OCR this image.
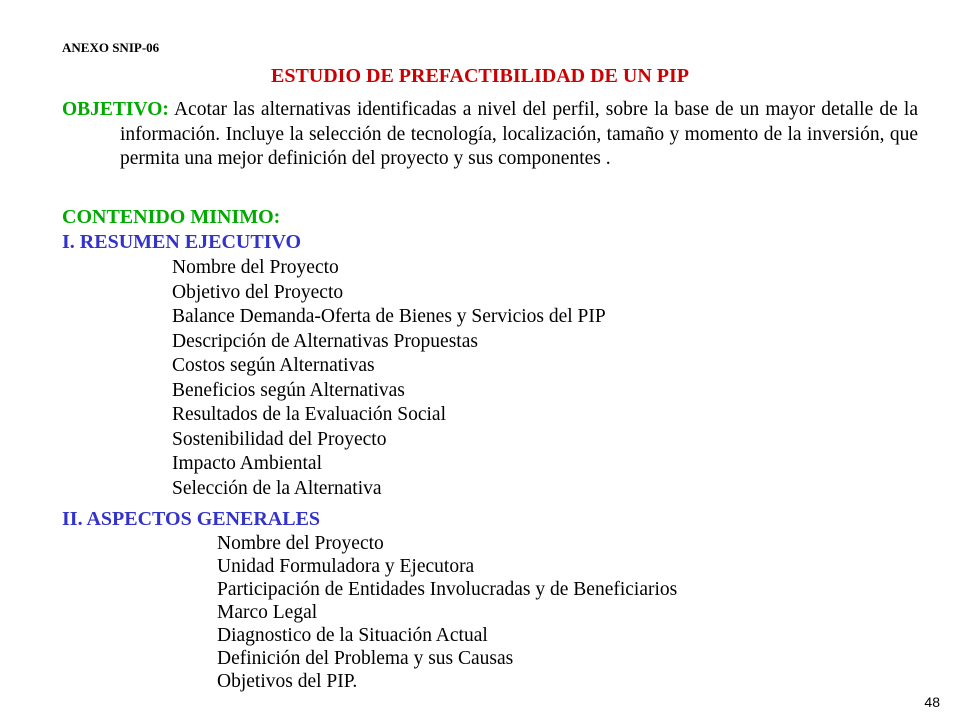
ANEXO SNIP-06
ESTUDIO DE PREFACTIBILIDAD DE UN PIP

OBJETIVO: Acotar las alternativas identificadas a nivel del perfil, sobre la base de un mayor detalle de la información. Incluye la selección de tecnología, localización, tamaño y momento de la inversión, que permita una mejor definición del proyecto y sus componentes .

CONTENIDO MINIMO:
I. RESUMEN EJECUTIVO
Nombre del Proyecto
Objetivo del Proyecto
Balance Demanda-Oferta de Bienes y Servicios del PIP
Descripción de Alternativas Propuestas
Costos según Alternativas
Beneficios según Alternativas
Resultados de la Evaluación Social
Sostenibilidad del Proyecto
Impacto Ambiental
Selección de la Alternativa
II. ASPECTOS GENERALES
Nombre del Proyecto
Unidad Formuladora y Ejecutora
Participación de Entidades Involucradas y de Beneficiarios
Marco Legal
Diagnostico de la Situación Actual
Definición del Problema y sus Causas
Objetivos del PIP.
48
